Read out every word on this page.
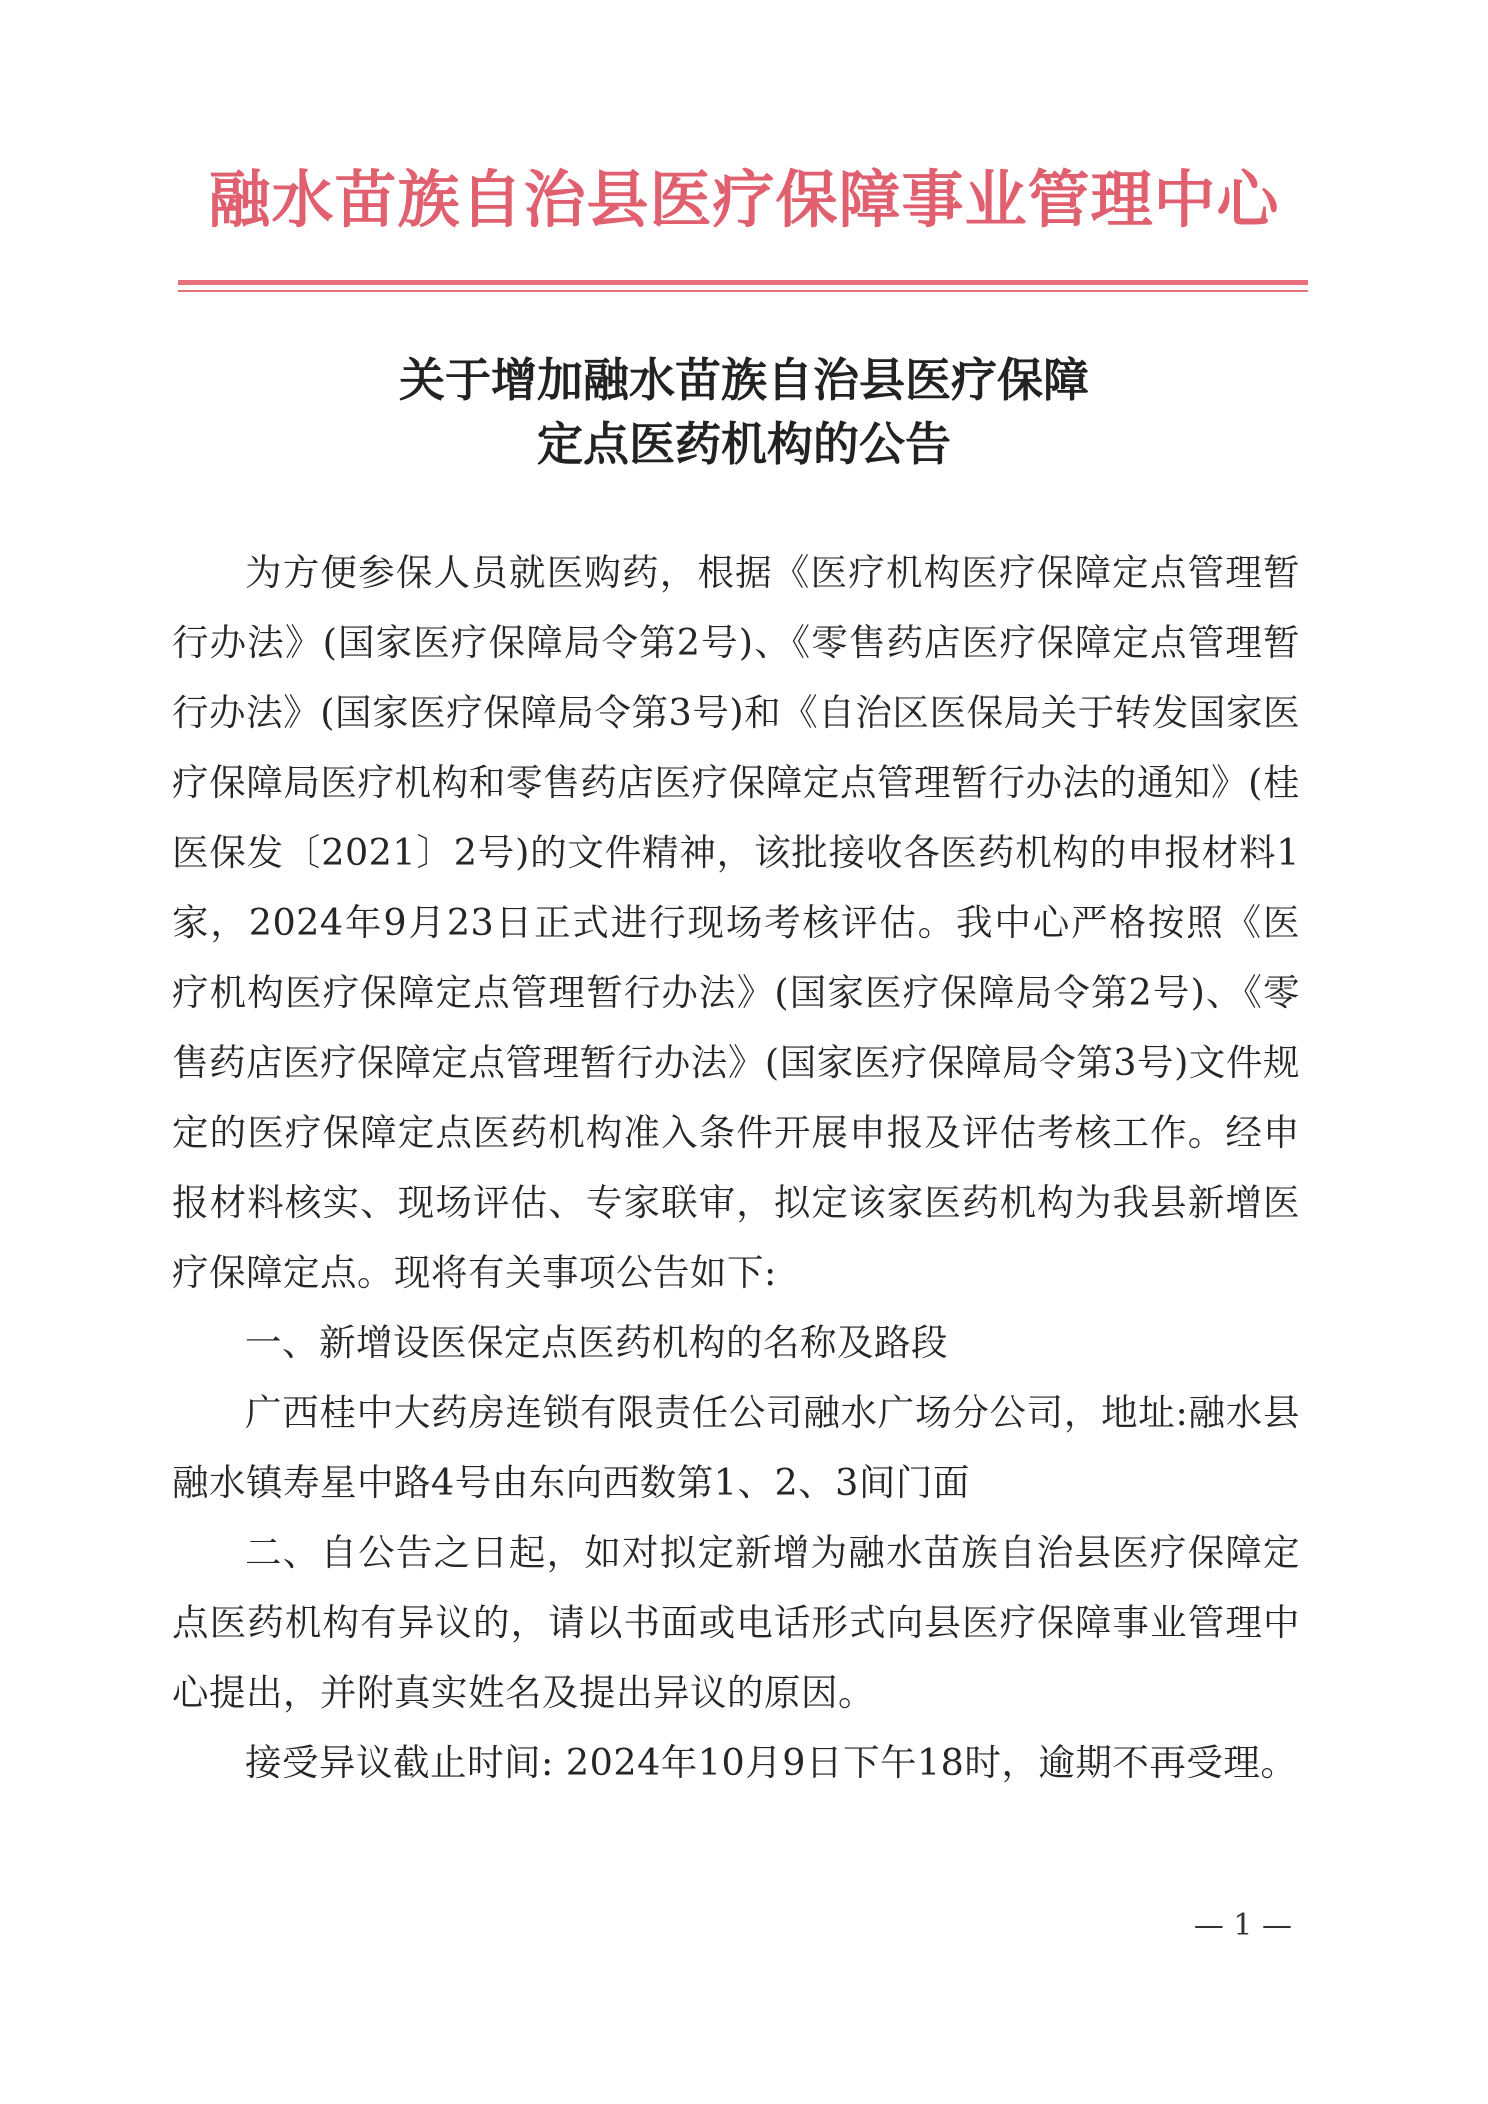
融水苗族自治县医疗保障事业管理中心
关于增加融水苗族自治县医疗保障
定点医药机构的公告

为方便参保人员就医购药，根据《医疗机构医疗保障定点管理暂行办法》(国家医疗保障局令第2号)、《零售药店医疗保障定点管理暂行办法》(国家医疗保障局令第3号)和《自治区医保局关于转发国家医疗保障局医疗机构和零售药店医疗保障定点管理暂行办法的通知》(桂医保发〔2021〕2号)的文件精神，该批接收各医药机构的申报材料1家，2024年9月23日正式进行现场考核评估。我中心严格按照《医疗机构医疗保障定点管理暂行办法》(国家医疗保障局令第2号)、《零售药店医疗保障定点管理暂行办法》(国家医疗保障局令第3号)文件规定的医疗保障定点医药机构准入条件开展申报及评估考核工作。经申报材料核实、现场评估、专家联审，拟定该家医药机构为我县新增医疗保障定点。现将有关事项公告如下:

一、新增设医保定点医药机构的名称及路段

广西桂中大药房连锁有限责任公司融水广场分公司，地址:融水县融水镇寿星中路4号由东向西数第1、2、3间门面

二、自公告之日起，如对拟定新增为融水苗族自治县医疗保障定点医药机构有异议的，请以书面或电话形式向县医疗保障事业管理中心提出，并附真实姓名及提出异议的原因。

接受异议截止时间: 2024年10月9日下午18时，逾期不再受理。

— 1 —
